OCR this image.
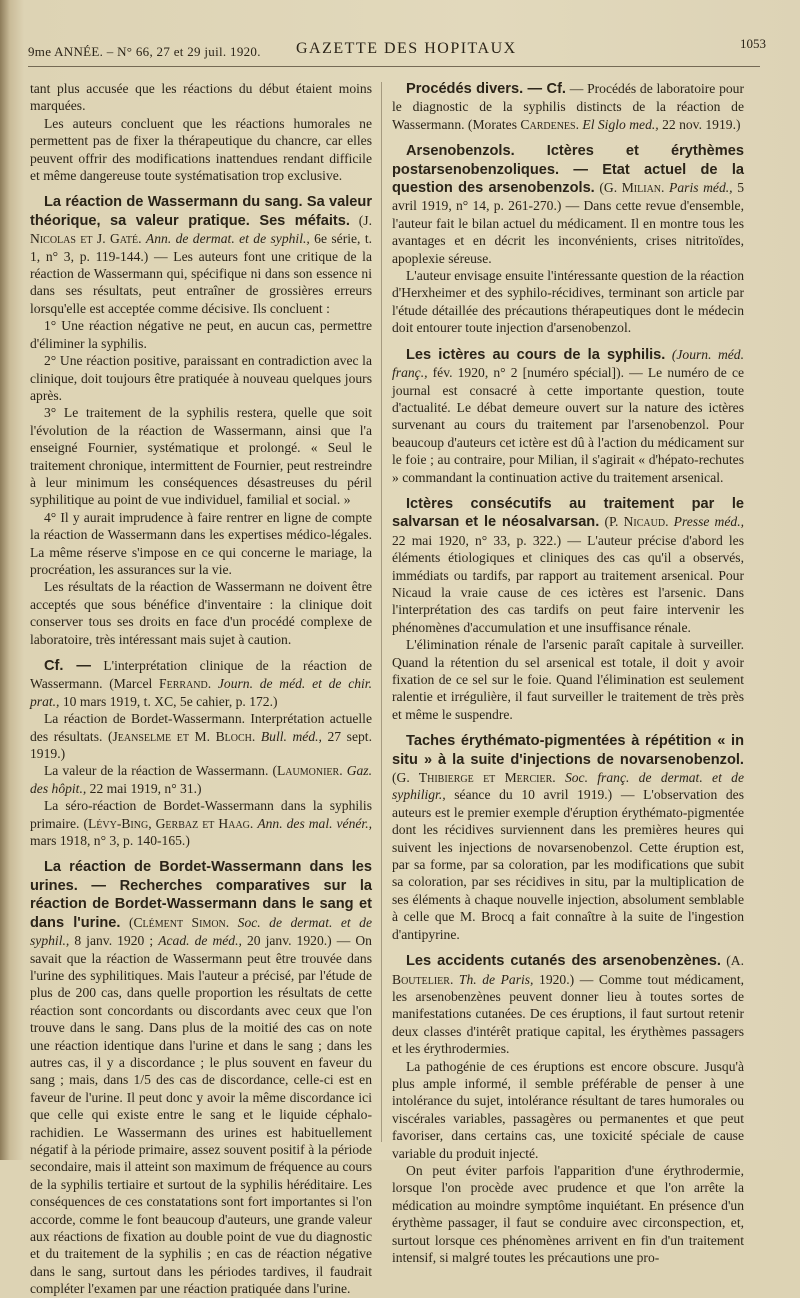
9me ANNÉE. – N° 66, 27 et 29 juil. 1920. GAZETTE DES HOPITAUX	1053

tant plus accusée que les réactions du début étaient moins marquées.

Les auteurs concluent que les réactions humorales ne permettent pas de fixer la thérapeutique du chancre, car elles peuvent offrir des modifications inattendues rendant difficile et même dangereuse toute systématisation trop exclusive.

La réaction de Wassermann du sang. Sa valeur théorique, sa valeur pratique. Ses méfaits. (J. Nicolas et J. Gaté. Ann. de dermat. et de syphil., 6e série, t. 1, n° 3, p. 119-144.) — Les auteurs font une critique de la réaction de Wassermann qui, spécifique ni dans son essence ni dans ses résultats, peut entraîner de grossières erreurs lorsqu'elle est acceptée comme décisive. Ils concluent :

1° Une réaction négative ne peut, en aucun cas, permettre d'éliminer la syphilis.

2° Une réaction positive, paraissant en contradiction avec la clinique, doit toujours être pratiquée à nouveau quelques jours après.

3° Le traitement de la syphilis restera, quelle que soit l'évolution de la réaction de Wassermann, ainsi que l'a enseigné Fournier, systématique et prolongé. « Seul le traitement chronique, intermittent de Fournier, peut restreindre à leur minimum les conséquences désastreuses du péril syphilitique au point de vue individuel, familial et social. »

4° Il y aurait imprudence à faire rentrer en ligne de compte la réaction de Wassermann dans les expertises médico-légales. La même réserve s'impose en ce qui concerne le mariage, la procréation, les assurances sur la vie.

Les résultats de la réaction de Wassermann ne doivent être acceptés que sous bénéfice d'inventaire : la clinique doit conserver tous ses droits en face d'un procédé complexe de laboratoire, très intéressant mais sujet à caution.

Cf. — L'interprétation clinique de la réaction de Wassermann. (Marcel Ferrand. Journ. de méd. et de chir. prat., 10 mars 1919, t. XC, 5e cahier, p. 172.)

La réaction de Bordet-Wassermann. Interprétation actuelle des résultats. (Jeanselme et M. Bloch. Bull. méd., 27 sept. 1919.)

La valeur de la réaction de Wassermann. (Laumonier. Gaz. des hôpit., 22 mai 1919, n° 31.)

La séro-réaction de Bordet-Wassermann dans la syphilis primaire. (Lévy-Bing, Gerbaz et Haag. Ann. des mal. vénér., mars 1918, n° 3, p. 140-165.)

La réaction de Bordet-Wassermann dans les urines. — Recherches comparatives sur la réaction de Bordet-Wassermann dans le sang et dans l'urine. (Clément Simon. Soc. de dermat. et de syphil., 8 janv. 1920 ; Acad. de méd., 20 janv. 1920.) — On savait que la réaction de Wassermann peut être trouvée dans l'urine des syphilitiques. Mais l'auteur a précisé, par l'étude de plus de 200 cas, dans quelle proportion les résultats de cette réaction sont concordants ou discordants avec ceux que l'on trouve dans le sang. Dans plus de la moitié des cas on note une réaction identique dans l'urine et dans le sang ; dans les autres cas, il y a discordance ; le plus souvent en faveur du sang ; mais, dans 1/5 des cas de discordance, celle-ci est en faveur de l'urine. Il peut donc y avoir la même discordance ici que celle qui existe entre le sang et le liquide céphalo-rachidien. Le Wassermann des urines est habituellement négatif à la période primaire, assez souvent positif à la période secondaire, mais il atteint son maximum de fréquence au cours de la syphilis tertiaire et surtout de la syphilis héréditaire. Les conséquences de ces constatations sont fort importantes si l'on accorde, comme le font beaucoup d'auteurs, une grande valeur aux réactions de fixation au double point de vue du diagnostic et du traitement de la syphilis ; en cas de réaction négative dans le sang, surtout dans les périodes tardives, il faudrait compléter l'examen par une réaction pratiquée dans l'urine.

Procédés divers. — Cf. — Procédés de laboratoire pour le diagnostic de la syphilis distincts de la réaction de Wassermann. (Morates Cardenes. El Siglo med., 22 nov. 1919.)

Arsenobenzols. Ictères et érythèmes postarsenobenzoliques. — Etat actuel de la question des arsenobenzols. (G. Milian. Paris méd., 5 avril 1919, n° 14, p. 261-270.) — Dans cette revue d'ensemble, l'auteur fait le bilan actuel du médicament. Il en montre tous les avantages et en décrit les inconvénients, crises nitritoïdes, apoplexie séreuse.

L'auteur envisage ensuite l'intéressante question de la réaction d'Herxheimer et des syphilo-récidives, terminant son article par l'étude détaillée des précautions thérapeutiques dont le médecin doit entourer toute injection d'arsenobenzol.

Les ictères au cours de la syphilis. (Journ. méd. franç., fév. 1920, n° 2 [numéro spécial]). — Le numéro de ce journal est consacré à cette importante question, toute d'actualité. Le débat demeure ouvert sur la nature des ictères survenant au cours du traitement par l'arsenobenzol. Pour beaucoup d'auteurs cet ictère est dû à l'action du médicament sur le foie ; au contraire, pour Milian, il s'agirait « d'hépato-rechutes » commandant la continuation active du traitement arsenical.

Ictères consécutifs au traitement par le salvarsan et le néosalvarsan. (P. Nicaud. Presse méd., 22 mai 1920, n° 33, p. 322.) — L'auteur précise d'abord les éléments étiologiques et cliniques des cas qu'il a observés, immédiats ou tardifs, par rapport au traitement arsenical. Pour Nicaud la vraie cause de ces ictères est l'arsenic. Dans l'interprétation des cas tardifs on peut faire intervenir les phénomènes d'accumulation et une insuffisance rénale.

L'élimination rénale de l'arsenic paraît capitale à surveiller. Quand la rétention du sel arsenical est totale, il doit y avoir fixation de ce sel sur le foie. Quand l'élimination est seulement ralentie et irrégulière, il faut surveiller le traitement de très près et même le suspendre.

Taches érythémato-pigmentées à répétition « in situ » à la suite d'injections de novarsenobenzol. (G. Thibierge et Mercier. Soc. franç. de dermat. et de syphiligr., séance du 10 avril 1919.) — L'observation des auteurs est le premier exemple d'éruption érythémato-pigmentée dont les récidives surviennent dans les premières heures qui suivent les injections de novarsenobenzol. Cette éruption est, par sa forme, par sa coloration, par les modifications que subit sa coloration, par ses récidives in situ, par la multiplication de ses éléments à chaque nouvelle injection, absolument semblable à celle que M. Brocq a fait connaître à la suite de l'ingestion d'antipyrine.

Les accidents cutanés des arsenobenzènes. (A. Boutelier. Th. de Paris, 1920.) — Comme tout médicament, les arsenobenzènes peuvent donner lieu à toutes sortes de manifestations cutanées. De ces éruptions, il faut surtout retenir deux classes d'intérêt pratique capital, les érythèmes passagers et les érythrodermies.

La pathogénie de ces éruptions est encore obscure. Jusqu'à plus ample informé, il semble préférable de penser à une intolérance du sujet, intolérance résultant de tares humorales ou viscérales variables, passagères ou permanentes et que peut favoriser, dans certains cas, une toxicité spéciale de cause variable du produit injecté.

On peut éviter parfois l'apparition d'une érythrodermie, lorsque l'on procède avec prudence et que l'on arrête la médication au moindre symptôme inquiétant. En présence d'un érythème passager, il faut se conduire avec circonspection, et, surtout lorsque ces phénomènes arrivent en fin d'un traitement intensif, si malgré toutes les précautions une pro-
